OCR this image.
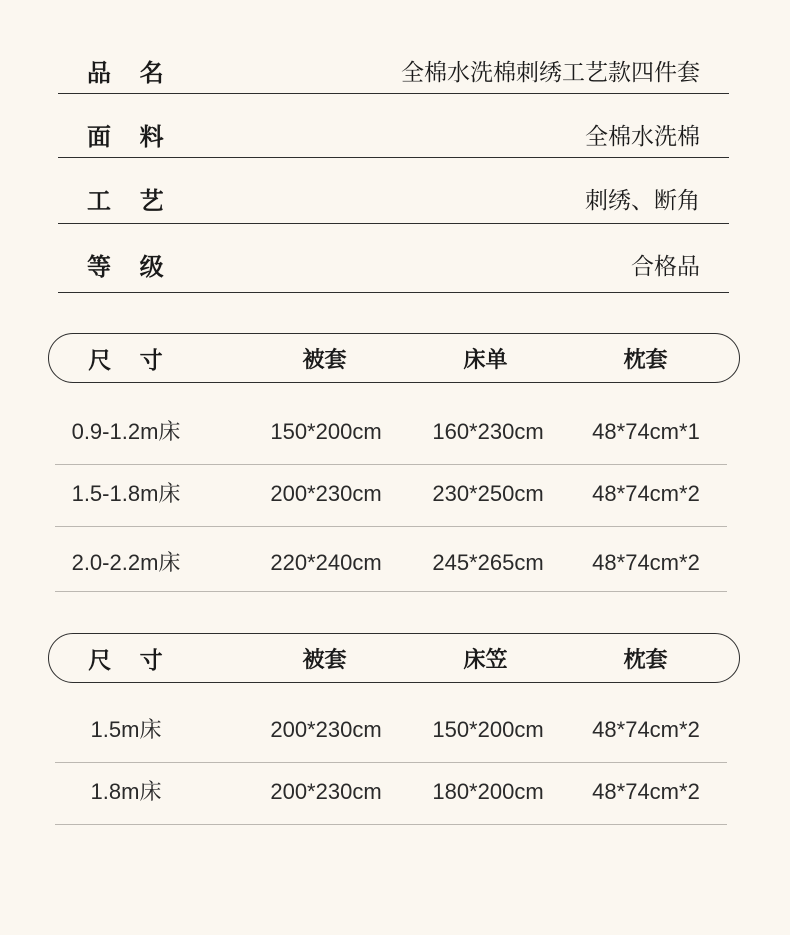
品 名	全棉水洗棉刺绣工艺款四件套
面 料	全棉水洗棉
工 艺	刺绣、断角
等 级	合格品
尺 寸	被套	床单	枕套
0.9-1.2m床	150*200cm	160*230cm	48*74cm*1
1.5-1.8m床	200*230cm	230*250cm	48*74cm*2
2.0-2.2m床	220*240cm	245*265cm	48*74cm*2
尺 寸	被套	床笠	枕套
1.5m床	200*230cm	150*200cm	48*74cm*2
1.8m床	200*230cm	180*200cm	48*74cm*2
